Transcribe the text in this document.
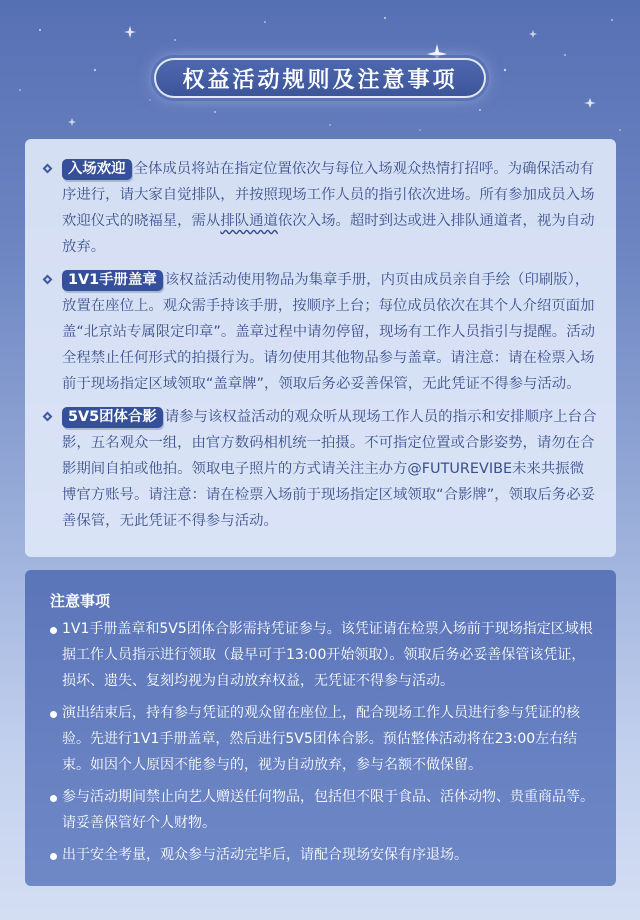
权益活动规则及注意事项
入场欢迎 全体成员将站在指定位置依次与每位入场观众热情打招呼。为确保活动有序进行，请大家自觉排队，并按照现场工作人员的指引依次进场。所有参加成员入场欢迎仪式的晓福星，需从排队通道依次入场。超时到达或进入排队通道者，视为自动放弃。
1V1手册盖章 该权益活动使用物品为集章手册，内页由成员亲自手绘（印刷版），放置在座位上。观众需手持该手册，按顺序上台；每位成员依次在其个人介绍页面加盖“北京站专属限定印章”。盖章过程中请勿停留，现场有工作人员指引与提醒。活动全程禁止任何形式的拍摄行为。请勿使用其他物品参与盖章。请注意：请在检票入场前于现场指定区域领取“盖章牌”，领取后务必妥善保管，无此凭证不得参与活动。
5V5团体合影 请参与该权益活动的观众听从现场工作人员的指示和安排顺序上台合影，五名观众一组，由官方数码相机统一拍摄。不可指定位置或合影姿势，请勿在合影期间自拍或他拍。领取电子照片的方式请关注主办方@FUTUREVIBE未来共振微博官方账号。请注意：请在检票入场前于现场指定区域领取“合影牌”，领取后务必妥善保管，无此凭证不得参与活动。
注意事项
1V1手册盖章和5V5团体合影需持凭证参与。该凭证请在检票入场前于现场指定区域根据工作人员指示进行领取（最早可于13:00开始领取）。领取后务必妥善保管该凭证，损坏、遗失、复刻均视为自动放弃权益，无凭证不得参与活动。
演出结束后，持有参与凭证的观众留在座位上，配合现场工作人员进行参与凭证的核验。先进行1V1手册盖章，然后进行5V5团体合影。预估整体活动将在23:00左右结束。如因个人原因不能参与的，视为自动放弃，参与名额不做保留。
参与活动期间禁止向艺人赠送任何物品，包括但不限于食品、活体动物、贵重商品等。请妥善保管好个人财物。
出于安全考量，观众参与活动完毕后，请配合现场安保有序退场。
